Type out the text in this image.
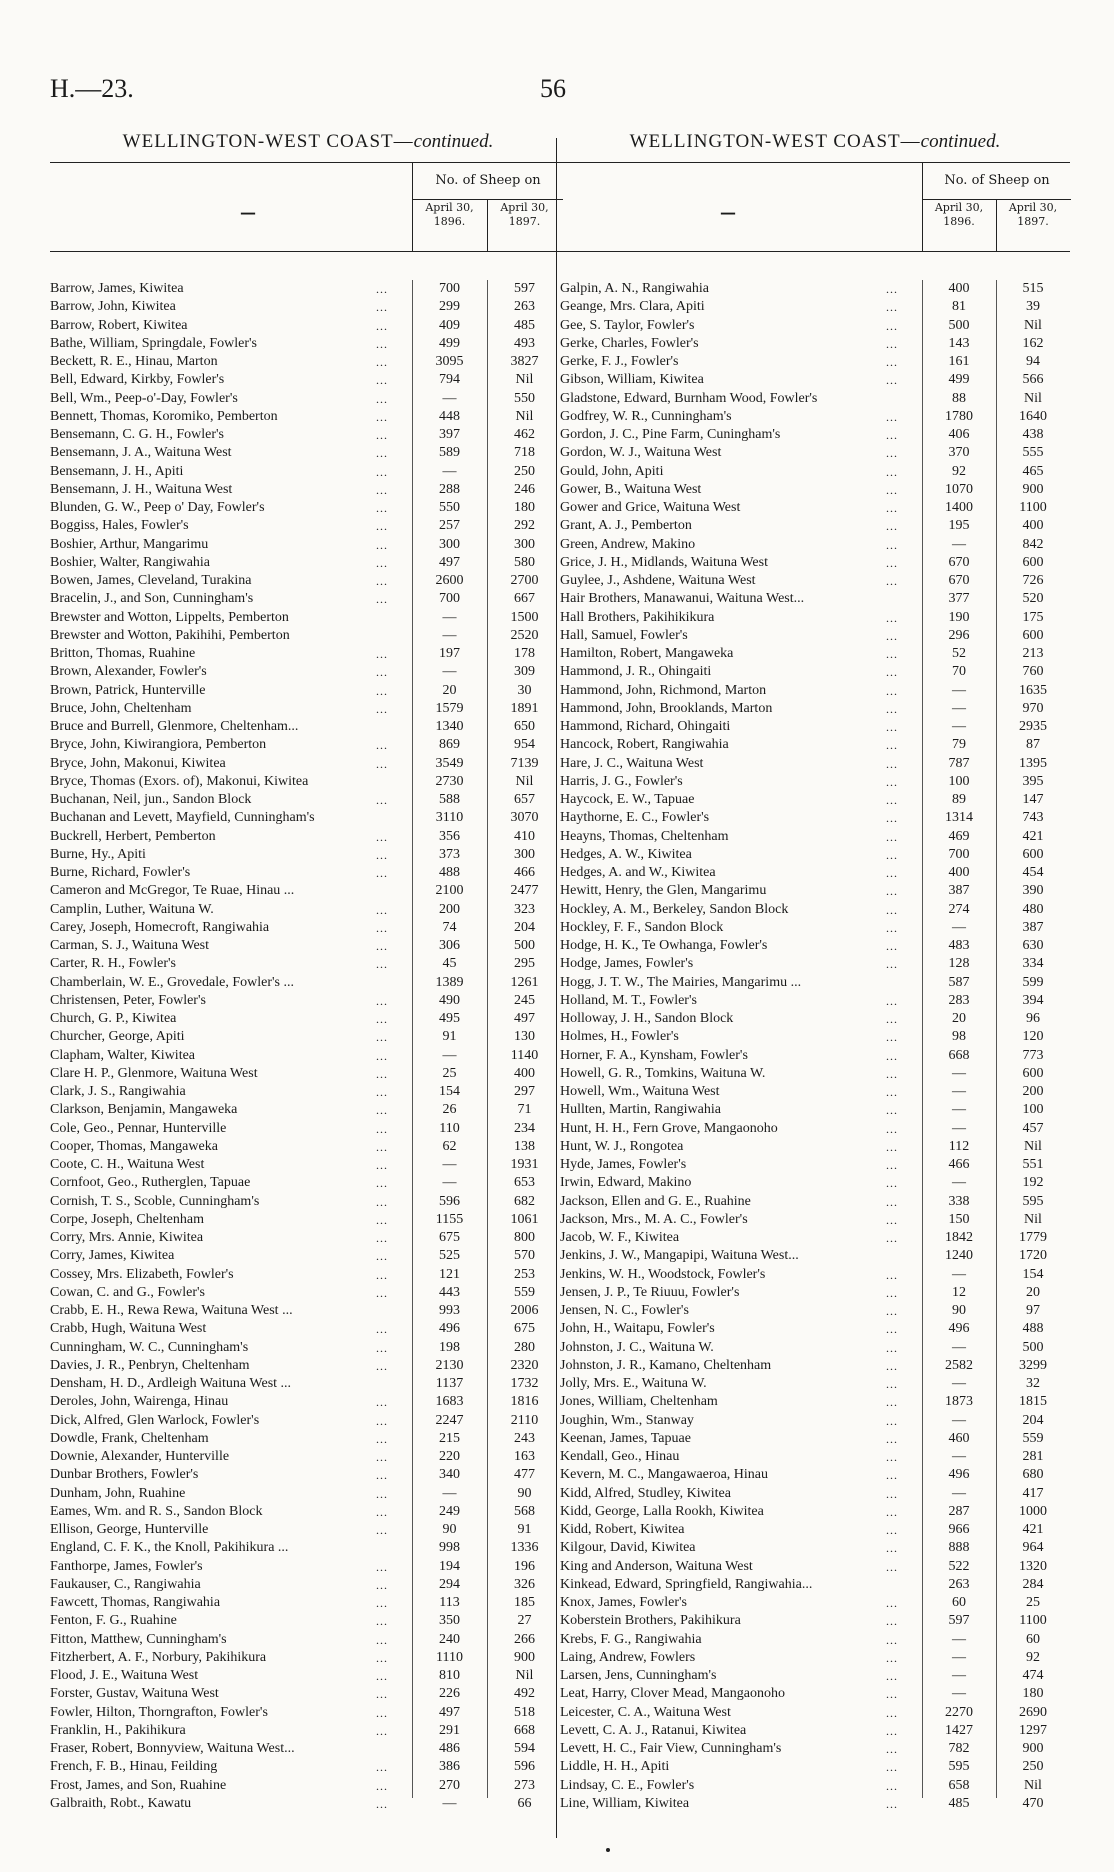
H.—23.	56
WELLINGTON-WEST COAST—continued.
—
No. of Sheep on
April 30,
1896.
April 30,
1897.
Barrow, James, Kiwitea	...	700	597
Barrow, John, Kiwitea	...	299	263
Barrow, Robert, Kiwitea	...	409	485
Bathe, William, Springdale, Fowler's	...	499	493
Beckett, R. E., Hinau, Marton	...	3095	3827
Bell, Edward, Kirkby, Fowler's	...	794	Nil
Bell, Wm., Peep-o'-Day, Fowler's	...	—	550
Bennett, Thomas, Koromiko, Pemberton	...	448	Nil
Bensemann, C. G. H., Fowler's	...	397	462
Bensemann, J. A., Waituna West	...	589	718
Bensemann, J. H., Apiti	...	—	250
Bensemann, J. H., Waituna West	...	288	246
Blunden, G. W., Peep o' Day, Fowler's	...	550	180
Boggiss, Hales, Fowler's	...	257	292
Boshier, Arthur, Mangarimu	...	300	300
Boshier, Walter, Rangiwahia	...	497	580
Bowen, James, Cleveland, Turakina	...	2600	2700
Bracelin, J., and Son, Cunningham's	...	700	667
Brewster and Wotton, Lippelts, Pemberton	—	1500
Brewster and Wotton, Pakihihi, Pemberton	—	2520
Britton, Thomas, Ruahine	...	197	178
Brown, Alexander, Fowler's	...	—	309
Brown, Patrick, Hunterville	...	20	30
Bruce, John, Cheltenham	...	1579	1891
Bruce and Burrell, Glenmore, Cheltenham...	1340	650
Bryce, John, Kiwirangiora, Pemberton	...	869	954
Bryce, John, Makonui, Kiwitea	...	3549	7139
Bryce, Thomas (Exors. of), Makonui, Kiwitea	2730	Nil
Buchanan, Neil, jun., Sandon Block	...	588	657
Buchanan and Levett, Mayfield, Cunningham's	3110	3070
Buckrell, Herbert, Pemberton	...	356	410
Burne, Hy., Apiti	...	373	300
Burne, Richard, Fowler's	...	488	466
Cameron and McGregor, Te Ruae, Hinau ...	2100	2477
Camplin, Luther, Waituna W.	...	200	323
Carey, Joseph, Homecroft, Rangiwahia	...	74	204
Carman, S. J., Waituna West	...	306	500
Carter, R. H., Fowler's	...	45	295
Chamberlain, W. E., Grovedale, Fowler's ...	1389	1261
Christensen, Peter, Fowler's	...	490	245
Church, G. P., Kiwitea	...	495	497
Churcher, George, Apiti	...	91	130
Clapham, Walter, Kiwitea	...	—	1140
Clare H. P., Glenmore, Waituna West	...	25	400
Clark, J. S., Rangiwahia	...	154	297
Clarkson, Benjamin, Mangaweka	...	26	71
Cole, Geo., Pennar, Hunterville	...	110	234
Cooper, Thomas, Mangaweka	...	62	138
Coote, C. H., Waituna West	...	—	1931
Cornfoot, Geo., Rutherglen, Tapuae	...	—	653
Cornish, T. S., Scoble, Cunningham's	...	596	682
Corpe, Joseph, Cheltenham	...	1155	1061
Corry, Mrs. Annie, Kiwitea	...	675	800
Corry, James, Kiwitea	...	525	570
Cossey, Mrs. Elizabeth, Fowler's	...	121	253
Cowan, C. and G., Fowler's	...	443	559
Crabb, E. H., Rewa Rewa, Waituna West ...	993	2006
Crabb, Hugh, Waituna West	...	496	675
Cunningham, W. C., Cunningham's	...	198	280
Davies, J. R., Penbryn, Cheltenham	...	2130	2320
Densham, H. D., Ardleigh Waituna West ...	1137	1732
Deroles, John, Wairenga, Hinau	...	1683	1816
Dick, Alfred, Glen Warlock, Fowler's	...	2247	2110
Dowdle, Frank, Cheltenham	...	215	243
Downie, Alexander, Hunterville	...	220	163
Dunbar Brothers, Fowler's	...	340	477
Dunham, John, Ruahine	...	—	90
Eames, Wm. and R. S., Sandon Block	...	249	568
Ellison, George, Hunterville	...	90	91
England, C. F. K., the Knoll, Pakihikura ...	998	1336
Fanthorpe, James, Fowler's	...	194	196
Faukauser, C., Rangiwahia	...	294	326
Fawcett, Thomas, Rangiwahia	...	113	185
Fenton, F. G., Ruahine	...	350	27
Fitton, Matthew, Cunningham's	...	240	266
Fitzherbert, A. F., Norbury, Pakihikura	...	1110	900
Flood, J. E., Waituna West	...	810	Nil
Forster, Gustav, Waituna West	...	226	492
Fowler, Hilton, Thorngrafton, Fowler's	...	497	518
Franklin, H., Pakihikura	...	291	668
Fraser, Robert, Bonnyview, Waituna West...	486	594
French, F. B., Hinau, Feilding	...	386	596
Frost, James, and Son, Ruahine	...	270	273
Galbraith, Robt., Kawatu	...	—	66
WELLINGTON-WEST COAST—continued.
—
No. of Sheep on
April 30,
1896.
April 30,
1897.
Galpin, A. N., Rangiwahia	...	400	515
Geange, Mrs. Clara, Apiti	...	81	39
Gee, S. Taylor, Fowler's	...	500	Nil
Gerke, Charles, Fowler's	...	143	162
Gerke, F. J., Fowler's	...	161	94
Gibson, William, Kiwitea	...	499	566
Gladstone, Edward, Burnham Wood, Fowler's	88	Nil
Godfrey, W. R., Cunningham's	...	1780	1640
Gordon, J. C., Pine Farm, Cuningham's	...	406	438
Gordon, W. J., Waituna West	...	370	555
Gould, John, Apiti	...	92	465
Gower, B., Waituna West	...	1070	900
Gower and Grice, Waituna West	...	1400	1100
Grant, A. J., Pemberton	...	195	400
Green, Andrew, Makino	...	—	842
Grice, J. H., Midlands, Waituna West	...	670	600
Guylee, J., Ashdene, Waituna West	...	670	726
Hair Brothers, Manawanui, Waituna West...	377	520
Hall Brothers, Pakihikikura	...	190	175
Hall, Samuel, Fowler's	...	296	600
Hamilton, Robert, Mangaweka	...	52	213
Hammond, J. R., Ohingaiti	...	70	760
Hammond, John, Richmond, Marton	...	—	1635
Hammond, John, Brooklands, Marton	...	—	970
Hammond, Richard, Ohingaiti	...	—	2935
Hancock, Robert, Rangiwahia	...	79	87
Hare, J. C., Waituna West	...	787	1395
Harris, J. G., Fowler's	...	100	395
Haycock, E. W., Tapuae	...	89	147
Haythorne, E. C., Fowler's	...	1314	743
Heayns, Thomas, Cheltenham	...	469	421
Hedges, A. W., Kiwitea	...	700	600
Hedges, A. and W., Kiwitea	...	400	454
Hewitt, Henry, the Glen, Mangarimu	...	387	390
Hockley, A. M., Berkeley, Sandon Block	...	274	480
Hockley, F. F., Sandon Block	...	—	387
Hodge, H. K., Te Owhanga, Fowler's	...	483	630
Hodge, James, Fowler's	...	128	334
Hogg, J. T. W., The Mairies, Mangarimu ...	587	599
Holland, M. T., Fowler's	...	283	394
Holloway, J. H., Sandon Block	...	20	96
Holmes, H., Fowler's	...	98	120
Horner, F. A., Kynsham, Fowler's	...	668	773
Howell, G. R., Tomkins, Waituna W.	...	—	600
Howell, Wm., Waituna West	...	—	200
Hullten, Martin, Rangiwahia	...	—	100
Hunt, H. H., Fern Grove, Mangaonoho	...	—	457
Hunt, W. J., Rongotea	...	112	Nil
Hyde, James, Fowler's	...	466	551
Irwin, Edward, Makino	...	—	192
Jackson, Ellen and G. E., Ruahine	...	338	595
Jackson, Mrs., M. A. C., Fowler's	...	150	Nil
Jacob, W. F., Kiwitea	...	1842	1779
Jenkins, J. W., Mangapipi, Waituna West...	1240	1720
Jenkins, W. H., Woodstock, Fowler's	...	—	154
Jensen, J. P., Te Riuuu, Fowler's	...	12	20
Jensen, N. C., Fowler's	...	90	97
John, H., Waitapu, Fowler's	...	496	488
Johnston, J. C., Waituna W.	...	—	500
Johnston, J. R., Kamano, Cheltenham	...	2582	3299
Jolly, Mrs. E., Waituna W.	...	—	32
Jones, William, Cheltenham	...	1873	1815
Joughin, Wm., Stanway	...	—	204
Keenan, James, Tapuae	...	460	559
Kendall, Geo., Hinau	...	—	281
Kevern, M. C., Mangawaeroa, Hinau	...	496	680
Kidd, Alfred, Studley, Kiwitea	...	—	417
Kidd, George, Lalla Rookh, Kiwitea	...	287	1000
Kidd, Robert, Kiwitea	...	966	421
Kilgour, David, Kiwitea	...	888	964
King and Anderson, Waituna West	...	522	1320
Kinkead, Edward, Springfield, Rangiwahia...	263	284
Knox, James, Fowler's	...	60	25
Koberstein Brothers, Pakihikura	...	597	1100
Krebs, F. G., Rangiwahia	...	—	60
Laing, Andrew, Fowlers	...	—	92
Larsen, Jens, Cunningham's	...	—	474
Leat, Harry, Clover Mead, Mangaonoho	...	—	180
Leicester, C. A., Waituna West	...	2270	2690
Levett, C. A. J., Ratanui, Kiwitea	...	1427	1297
Levett, H. C., Fair View, Cunningham's	...	782	900
Liddle, H. H., Apiti	...	595	250
Lindsay, C. E., Fowler's	...	658	Nil
Line, William, Kiwitea	...	485	470
